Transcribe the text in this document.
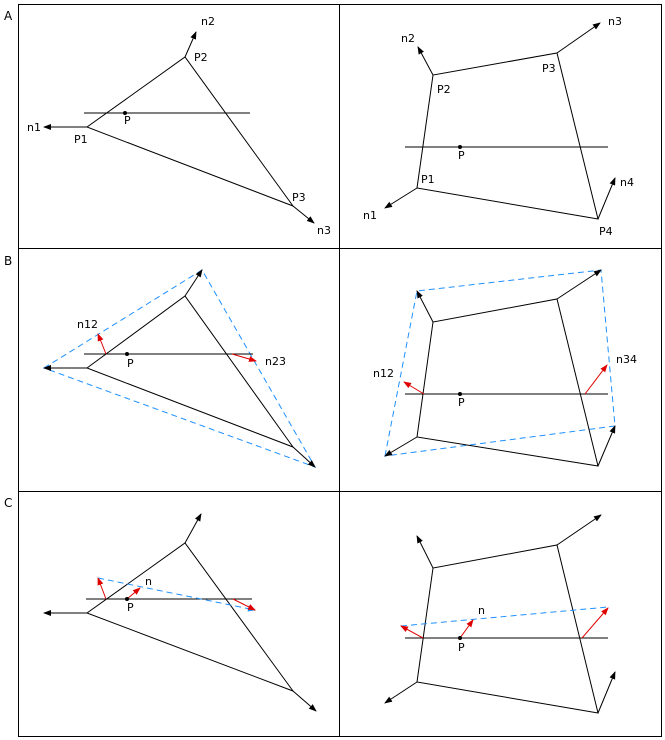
A
B
C
n1
n2
n3
P1
P2
P3
P
n1
n2
n3
n4
P1
P2
P3
P4
P
n12
n23
P
n12
n34
P
n
P	n
P
